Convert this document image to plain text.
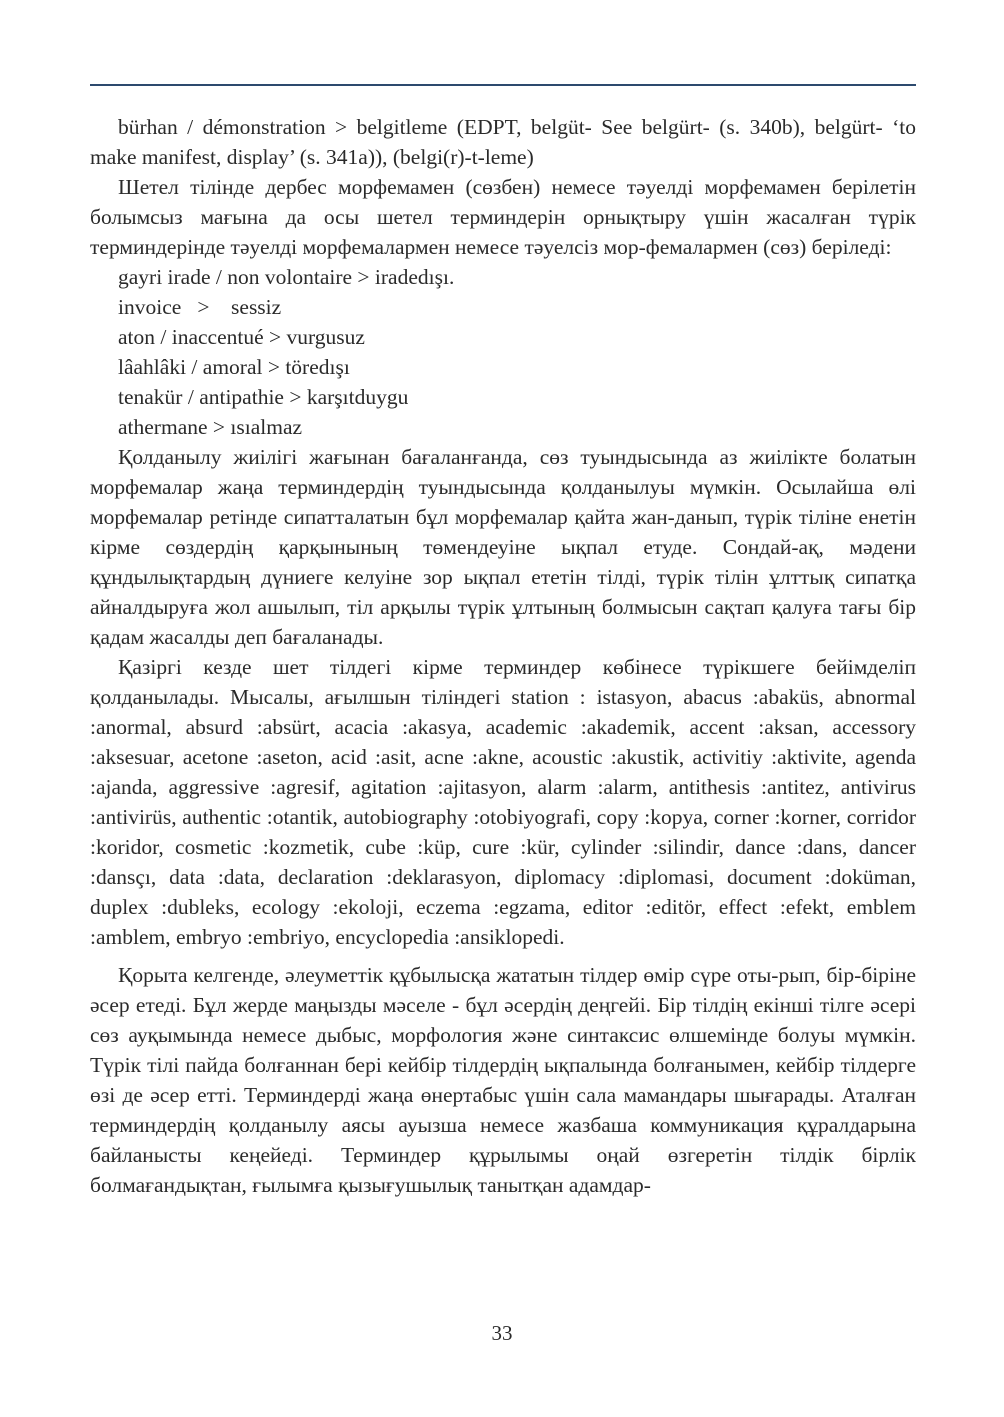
bürhan / démonstration > belgitleme (EDPT, belgüt- See belgürt- (s. 340b), belgürt- ‘to make manifest, display’ (s. 341a)), (belgi(r)-t-leme)

Шетел тілінде дербес морфемамен (сөзбен) немесе тәуелді морфемамен берілетін болымсыз мағына да осы шетел терминдерін орнықтыру үшін жасалған түрік терминдерінде тәуелді морфемалармен немесе тәуелсіз мор-фемалармен (сөз) беріледі:

gayri irade / non volontaire > iradedışı.

invoice   >    sessiz

aton / inaccentué > vurgusuz

lâahlâki / amoral > töredışı

tenakür / antipathie > karşıtduygu

athermane > ısıalmaz

Қолданылу жиілігі жағынан бағаланғанда, сөз туындысында аз жиілікте болатын морфемалар жаңа терминдердің туындысында қолданылуы мүмкін. Осылайша өлі морфемалар ретінде сипатталатын бұл морфемалар қайта жан-данып, түрік тіліне енетін кірме сөздердің қарқынының төмендеуіне ықпал етуде. Сондай-ақ, мәдени құндылықтардың дүниеге келуіне зор ықпал ететін тілді, түрік тілін ұлттық сипатқа айналдыруға жол ашылып, тіл арқылы түрік ұлтының болмысын сақтап қалуға тағы бір қадам жасалды деп бағаланады.

Қазіргі кезде шет тілдегі кірме терминдер көбінесе түрікшеге бейімделіп қолданылады. Мысалы, ағылшын тіліндегі station : istasyon, abacus :abaküs, abnormal :anormal, absurd :absürt, acacia :akasya, academic :akademik, accent :aksan, accessory :aksesuar, acetone :aseton, acid :asit, acne :akne, acoustic :akustik, activitiy :aktivite, agenda :ajanda, aggressive :agresif, agitation :ajitasyon, alarm :alarm, antithesis :antitez, antivirus :antivirüs, authentic :otantik, autobiography :otobiyografi, copy :kopya, corner :korner, corridor :koridor, cosmetic :kozmetik, cube :küp, cure :kür, cylinder :silindir, dance :dans, dancer :dansçı, data :data, declaration :deklarasyon, diplomacy :diplomasi, document :doküman, duplex :dubleks, ecology :ekoloji, eczema :egzama, editor :editör, effect :efekt, emblem :amblem, embryo :embriyo, encyclopedia :ansiklopedi.

Қорыта келгенде, әлеуметтік құбылысқа жататын тілдер өмір сүре оты-рып, бір-біріне әсер етеді. Бұл жерде маңызды мәселе - бұл әсердің деңгейі. Бір тілдің екінші тілге әсері сөз ауқымында немесе дыбыс, морфология және синтаксис өлшемінде болуы мүмкін. Түрік тілі пайда болғаннан бері кейбір тілдердің ықпалында болғанымен, кейбір тілдерге өзі де әсер етті. Терминдерді жаңа өнертабыс үшін сала мамандары шығарады. Аталған терминдердің қолданылу аясы ауызша немесе жазбаша коммуникация құралдарына байланысты кеңейеді. Терминдер құрылымы оңай өзгеретін тілдік бірлік болмағандықтан, ғылымға қызығушылық танытқан адамдар-

33
